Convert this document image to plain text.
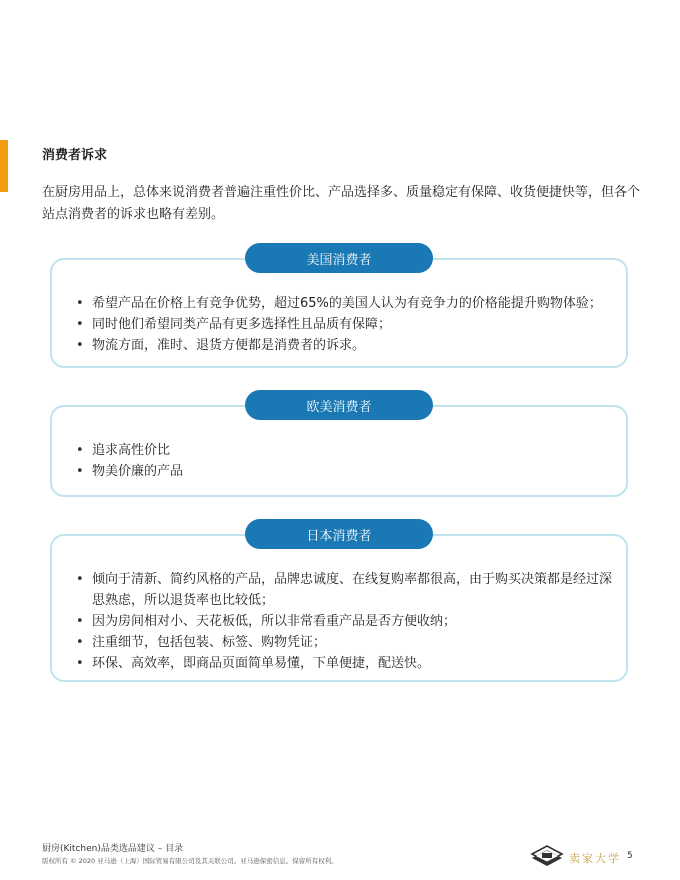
消费者诉求
在厨房用品上，总体来说消费者普遍注重性价比、产品选择多、质量稳定有保障、收货便捷快等，但各个站点消费者的诉求也略有差别。
美国消费者
• 希望产品在价格上有竞争优势，超过65%的美国人认为有竞争力的价格能提升购物体验；
• 同时他们希望同类产品有更多选择性且品质有保障；
• 物流方面，准时、退货方便都是消费者的诉求。
欧美消费者
• 追求高性价比
• 物美价廉的产品
日本消费者
• 倾向于清新、简约风格的产品，品牌忠诚度、在线复购率都很高，由于购买决策都是经过深思熟虑，所以退货率也比较低；
• 因为房间相对小、天花板低，所以非常看重产品是否方便收纳；
• 注重细节，包括包装、标签、购物凭证；
• 环保、高效率，即商品页面简单易懂，下单便捷，配送快。
厨房(Kitchen)品类选品建议 – 目录
版权所有 © 2020 亚马逊（上海）国际贸易有限公司及其关联公司。亚马逊保密信息。保留所有权利。	卖家大学 5
